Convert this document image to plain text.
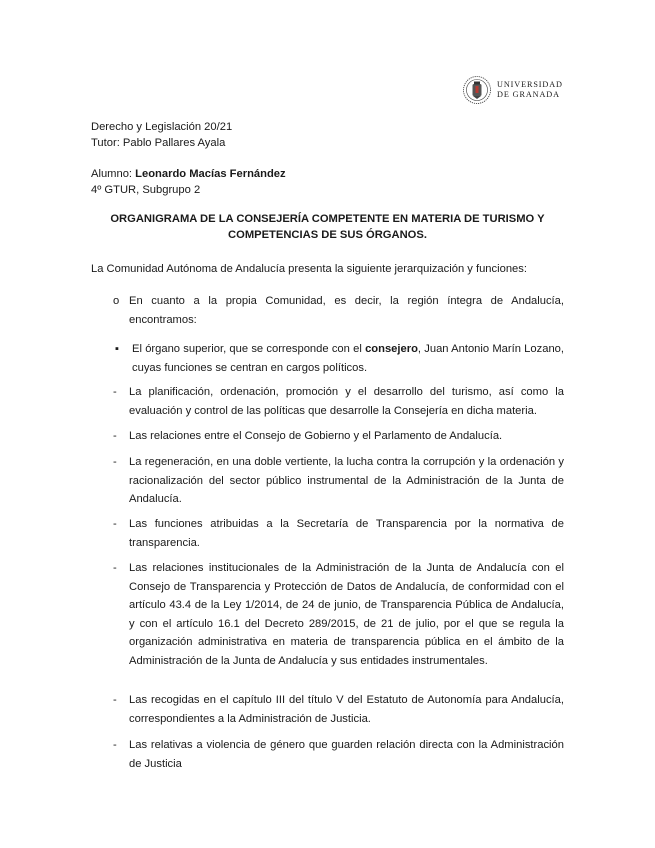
UNIVERSIDAD
DE GRANADA
Derecho y Legislación 20/21
Tutor: Pablo Pallares Ayala
Alumno: Leonardo Macías Fernández
4º GTUR, Subgrupo 2
ORGANIGRAMA DE LA CONSEJERÍA COMPETENTE EN MATERIA DE TURISMO Y
COMPETENCIAS DE SUS ÓRGANOS.
La Comunidad Autónoma de Andalucía presenta la siguiente jerarquización y funciones:
o En cuanto a la propia Comunidad, es decir, la región íntegra de Andalucía, encontramos:
▪ El órgano superior, que se corresponde con el consejero, Juan Antonio Marín Lozano, cuyas funciones se centran en cargos políticos.
- La planificación, ordenación, promoción y el desarrollo del turismo, así como la evaluación y control de las políticas que desarrolle la Consejería en dicha materia.
- Las relaciones entre el Consejo de Gobierno y el Parlamento de Andalucía.
- La regeneración, en una doble vertiente, la lucha contra la corrupción y la ordenación y racionalización del sector público instrumental de la Administración de la Junta de Andalucía.
- Las funciones atribuidas a la Secretaría de Transparencia por la normativa de transparencia.
- Las relaciones institucionales de la Administración de la Junta de Andalucía con el Consejo de Transparencia y Protección de Datos de Andalucía, de conformidad con el artículo 43.4 de la Ley 1/2014, de 24 de junio, de Transparencia Pública de Andalucía, y con el artículo 16.1 del Decreto 289/2015, de 21 de julio, por el que se regula la organización administrativa en materia de transparencia pública en el ámbito de la Administración de la Junta de Andalucía y sus entidades instrumentales.
- Las recogidas en el capítulo III del título V del Estatuto de Autonomía para Andalucía, correspondientes a la Administración de Justicia.
- Las relativas a violencia de género que guarden relación directa con la Administración de Justicia
